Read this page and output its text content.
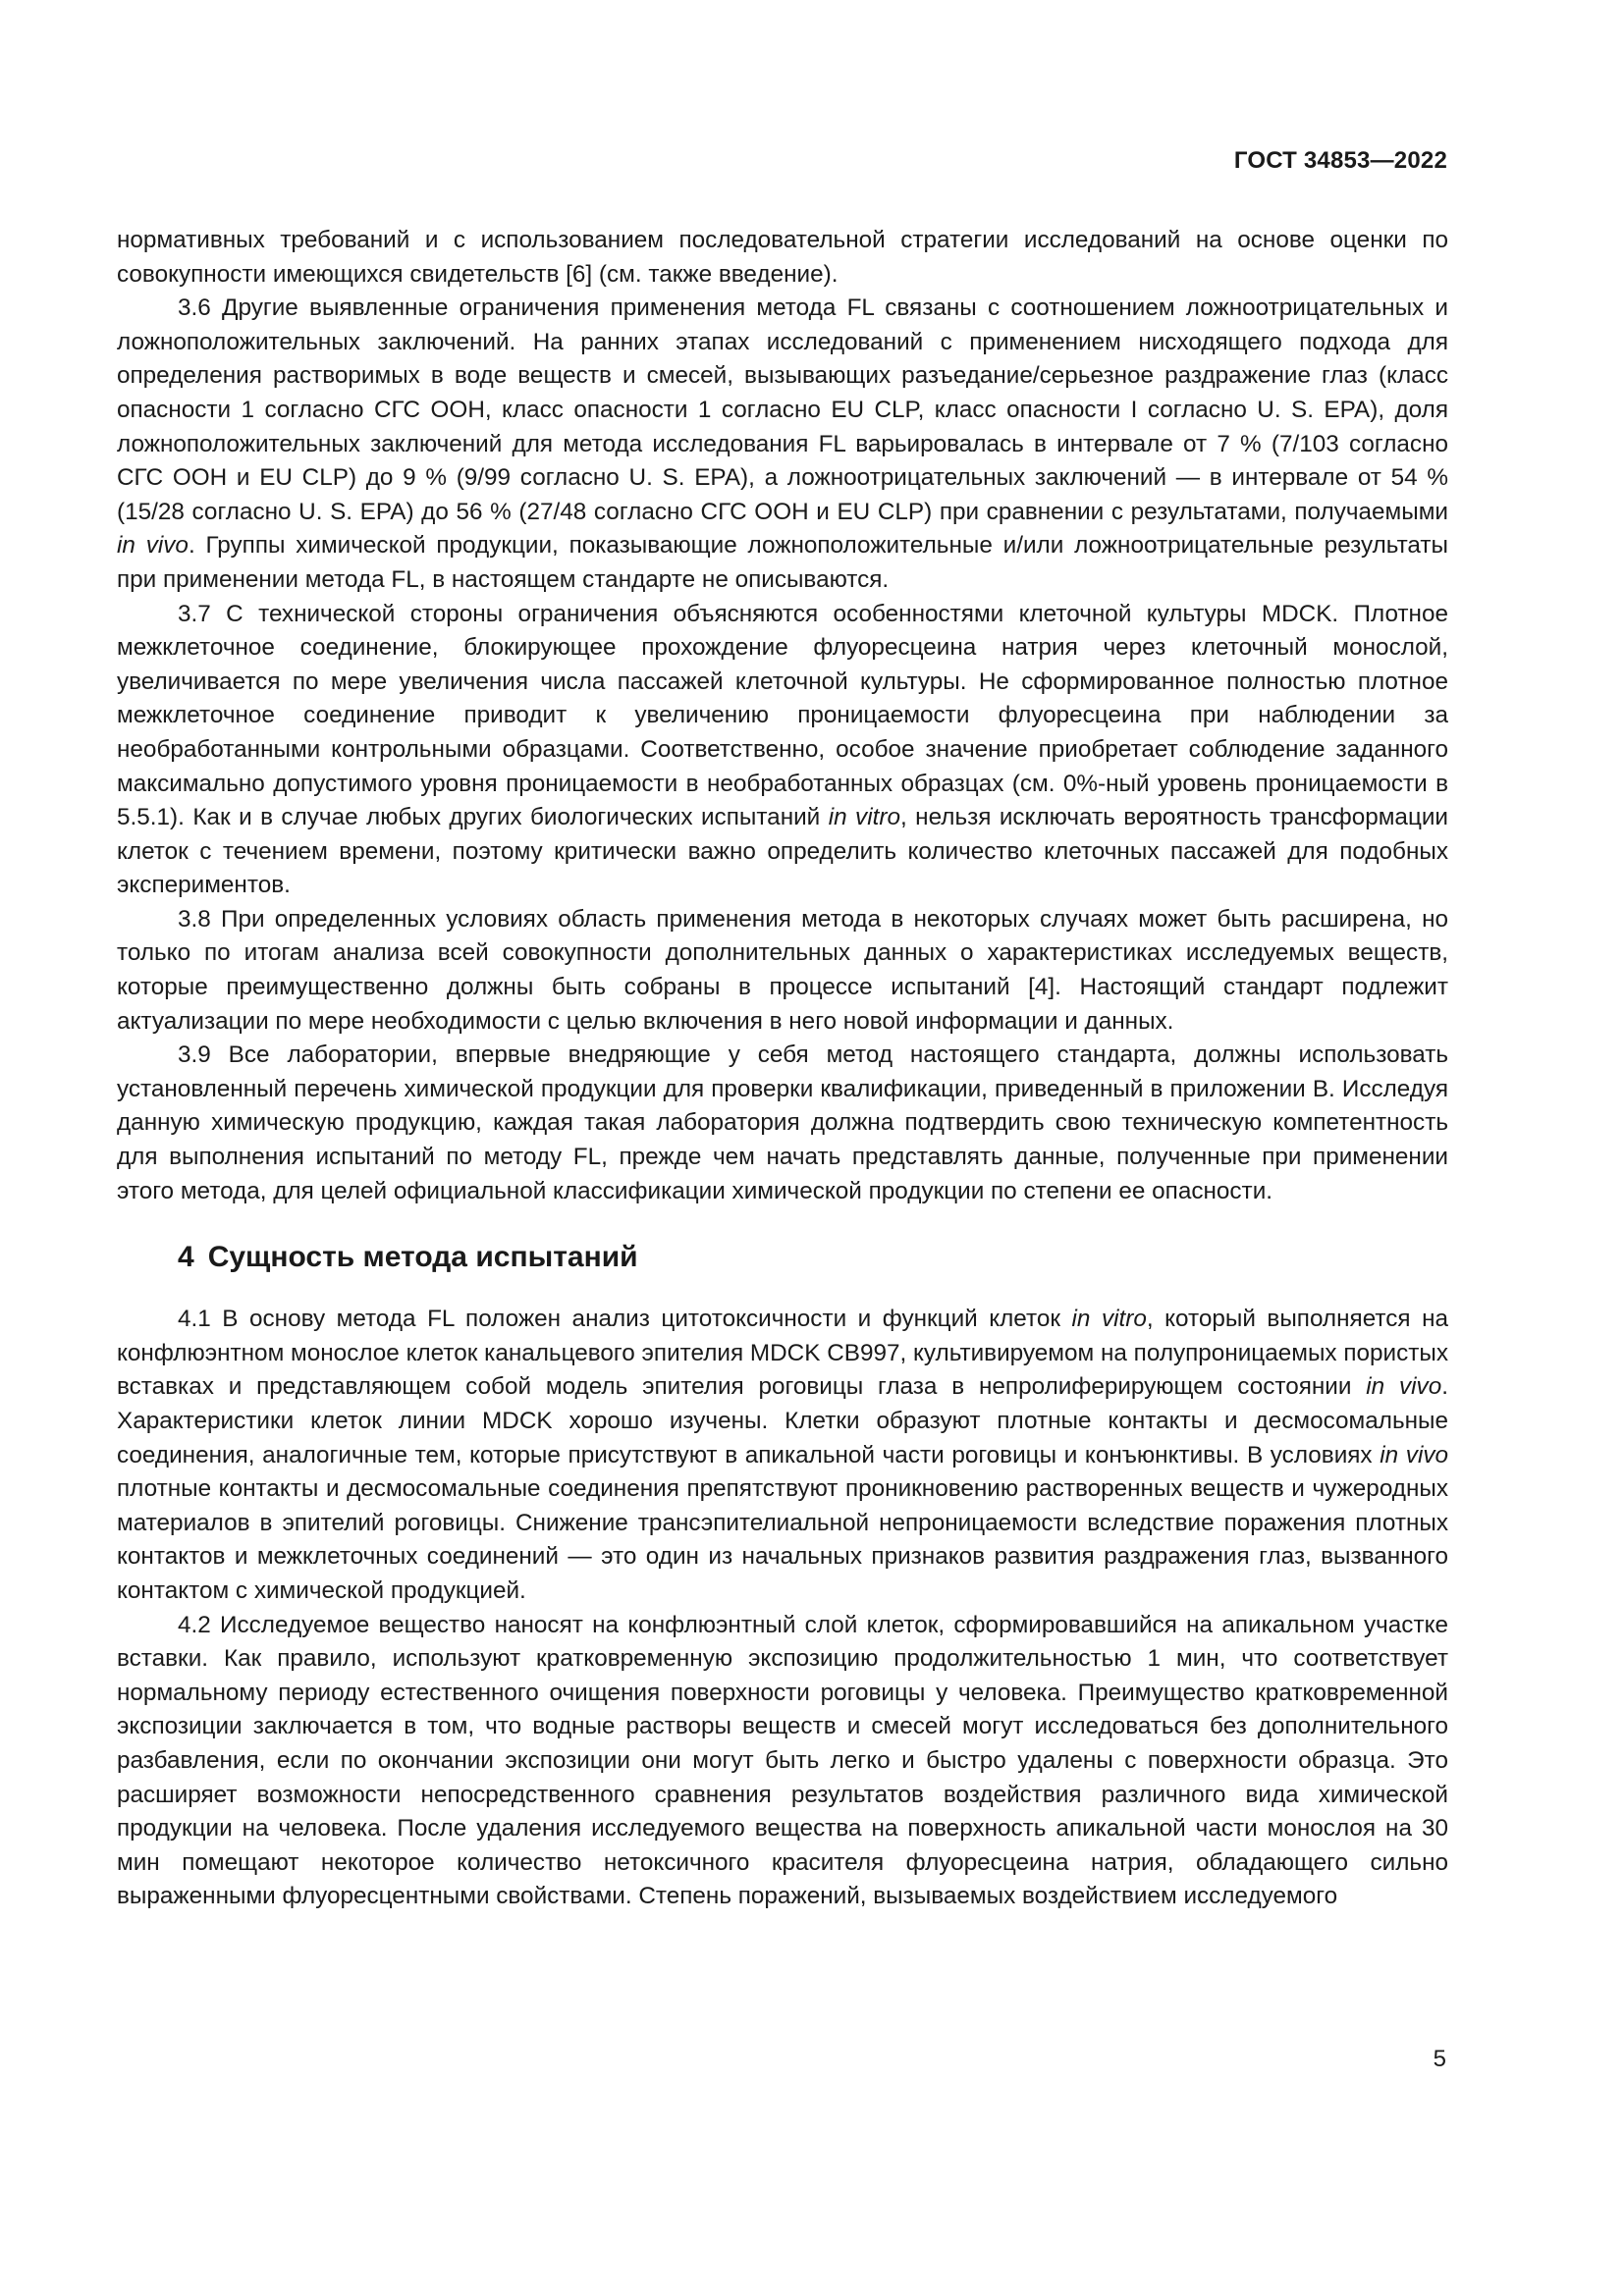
ГОСТ 34853—2022

нормативных требований и с использованием последовательной стратегии исследований на основе оценки по совокупности имеющихся свидетельств [6] (см. также введение).

3.6 Другие выявленные ограничения применения метода FL связаны с соотношением ложноотрицательных и ложноположительных заключений. На ранних этапах исследований с применением нисходящего подхода для определения растворимых в воде веществ и смесей, вызывающих разъедание/серьезное раздражение глаз (класс опасности 1 согласно СГС ООН, класс опасности 1 согласно EU CLP, класс опасности I согласно U. S. EPA), доля ложноположительных заключений для метода исследования FL варьировалась в интервале от 7 % (7/103 согласно СГС ООН и EU CLP) до 9 % (9/99 согласно U. S. EPA), а ложноотрицательных заключений — в интервале от 54 % (15/28 согласно U. S. EPA) до 56 % (27/48 согласно СГС ООН и EU CLP) при сравнении с результатами, получаемыми in vivo. Группы химической продукции, показывающие ложноположительные и/или ложноотрицательные результаты при применении метода FL, в настоящем стандарте не описываются.

3.7 С технической стороны ограничения объясняются особенностями клеточной культуры MDCK. Плотное межклеточное соединение, блокирующее прохождение флуоресцеина натрия через клеточный монослой, увеличивается по мере увеличения числа пассажей клеточной культуры. Не сформированное полностью плотное межклеточное соединение приводит к увеличению проницаемости флуоресцеина при наблюдении за необработанными контрольными образцами. Соответственно, особое значение приобретает соблюдение заданного максимально допустимого уровня проницаемости в необработанных образцах (см. 0%-ный уровень проницаемости в 5.5.1). Как и в случае любых других биологических испытаний in vitro, нельзя исключать вероятность трансформации клеток с течением времени, поэтому критически важно определить количество клеточных пассажей для подобных экспериментов.

3.8 При определенных условиях область применения метода в некоторых случаях может быть расширена, но только по итогам анализа всей совокупности дополнительных данных о характеристиках исследуемых веществ, которые преимущественно должны быть собраны в процессе испытаний [4]. Настоящий стандарт подлежит актуализации по мере необходимости с целью включения в него новой информации и данных.

3.9 Все лаборатории, впервые внедряющие у себя метод настоящего стандарта, должны использовать установленный перечень химической продукции для проверки квалификации, приведенный в приложении В. Исследуя данную химическую продукцию, каждая такая лаборатория должна подтвердить свою техническую компетентность для выполнения испытаний по методу FL, прежде чем начать представлять данные, полученные при применении этого метода, для целей официальной классификации химической продукции по степени ее опасности.

4 Сущность метода испытаний

4.1 В основу метода FL положен анализ цитотоксичности и функций клеток in vitro, который выполняется на конфлюэнтном монослое клеток канальцевого эпителия MDCK CB997, культивируемом на полупроницаемых пористых вставках и представляющем собой модель эпителия роговицы глаза в непролиферирующем состоянии in vivo. Характеристики клеток линии MDCK хорошо изучены. Клетки образуют плотные контакты и десмосомальные соединения, аналогичные тем, которые присутствуют в апикальной части роговицы и конъюнктивы. В условиях in vivo плотные контакты и десмосомальные соединения препятствуют проникновению растворенных веществ и чужеродных материалов в эпителий роговицы. Снижение трансэпителиальной непроницаемости вследствие поражения плотных контактов и межклеточных соединений — это один из начальных признаков развития раздражения глаз, вызванного контактом с химической продукцией.

4.2 Исследуемое вещество наносят на конфлюэнтный слой клеток, сформировавшийся на апикальном участке вставки. Как правило, используют кратковременную экспозицию продолжительностью 1 мин, что соответствует нормальному периоду естественного очищения поверхности роговицы у человека. Преимущество кратковременной экспозиции заключается в том, что водные растворы веществ и смесей могут исследоваться без дополнительного разбавления, если по окончании экспозиции они могут быть легко и быстро удалены с поверхности образца. Это расширяет возможности непосредственного сравнения результатов воздействия различного вида химической продукции на человека. После удаления исследуемого вещества на поверхность апикальной части монослоя на 30 мин помещают некоторое количество нетоксичного красителя флуоресцеина натрия, обладающего сильно выраженными флуоресцентными свойствами. Степень поражений, вызываемых воздействием исследуемого

5
